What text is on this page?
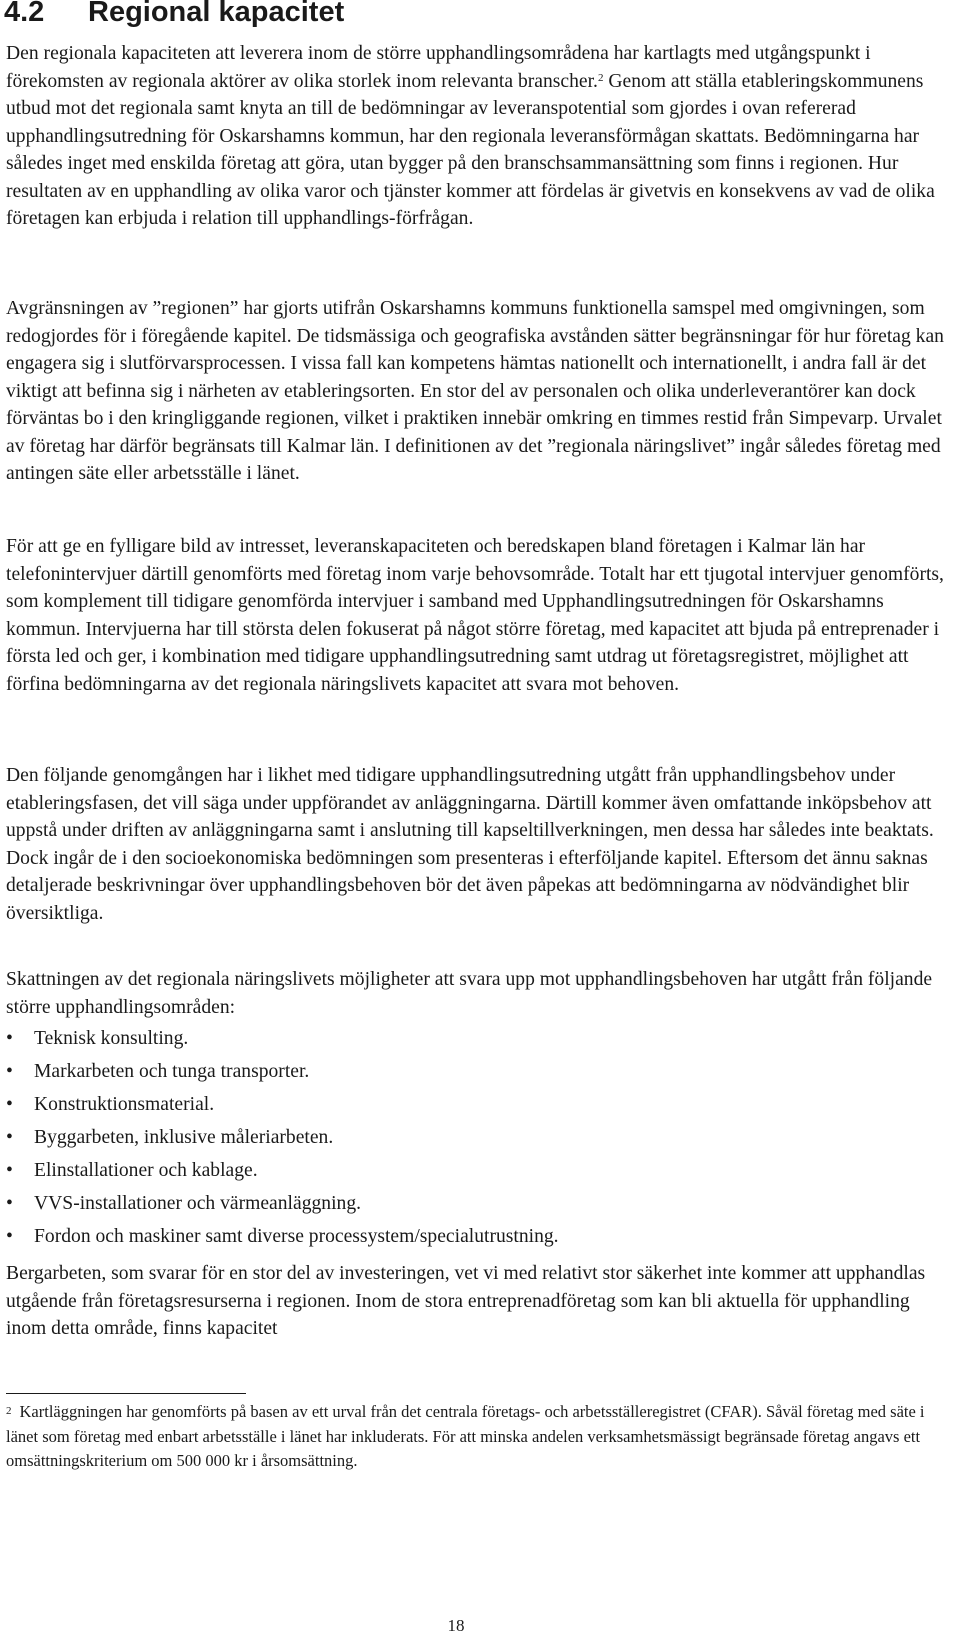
4.2 Regional kapacitet

Den regionala kapaciteten att leverera inom de större upphandlingsområdena har kartlagts med utgångspunkt i förekomsten av regionala aktörer av olika storlek inom relevanta branscher.$^2$ Genom att ställa etableringskommunens utbud mot det regionala samt knyta an till de bedömningar av leveranspotential som gjordes i ovan refererad upphandlingsutredning för Oskarshamns kommun, har den regionala leveransförmågan skattats. Bedömningarna har således inget med enskilda företag att göra, utan bygger på den branschsammansättning som finns i regionen. Hur resultaten av en upphandling av olika varor och tjänster kommer att fördelas är givetvis en konsekvens av vad de olika företagen kan erbjuda i relation till upphandlings-förfrågan.

Avgränsningen av ”regionen” har gjorts utifrån Oskarshamns kommuns funktionella samspel med omgivningen, som redogjordes för i föregående kapitel. De tidsmässiga och geografiska avstånden sätter begränsningar för hur företag kan engagera sig i slutförvarsprocessen. I vissa fall kan kompetens hämtas nationellt och internationellt, i andra fall är det viktigt att befinna sig i närheten av etableringsorten. En stor del av personalen och olika underleverantörer kan dock förväntas bo i den kringliggande regionen, vilket i praktiken innebär omkring en timmes restid från Simpevarp. Urvalet av företag har därför begränsats till Kalmar län. I definitionen av det ”regionala näringslivet” ingår således företag med antingen säte eller arbetsställe i länet.

För att ge en fylligare bild av intresset, leveranskapaciteten och beredskapen bland företagen i Kalmar län har telefonintervjuer därtill genomförts med företag inom varje behovsområde. Totalt har ett tjugotal intervjuer genomförts, som komplement till tidigare genomförda intervjuer i samband med Upphandlingsutredningen för Oskarshamns kommun. Intervjuerna har till största delen fokuserat på något större företag, med kapacitet att bjuda på entreprenader i första led och ger, i kombination med tidigare upphandlingsutredning samt utdrag ut företagsregistret, möjlighet att förfina bedömningarna av det regionala näringslivets kapacitet att svara mot behoven.

Den följande genomgången har i likhet med tidigare upphandlingsutredning utgått från upphandlingsbehov under etableringsfasen, det vill säga under uppförandet av anläggningarna. Därtill kommer även omfattande inköpsbehov att uppstå under driften av anläggningarna samt i anslutning till kapseltillverkningen, men dessa har således inte beaktats. Dock ingår de i den socioekonomiska bedömningen som presenteras i efterföljande kapitel. Eftersom det ännu saknas detaljerade beskrivningar över upphandlingsbehoven bör det även påpekas att bedömningarna av nödvändighet blir översiktliga.

Skattningen av det regionala näringslivets möjligheter att svara upp mot upphandlingsbehoven har utgått från följande större upphandlingsområden:

•	Teknisk konsulting.
•	Markarbeten och tunga transporter.
•	Konstruktionsmaterial.
•	Byggarbeten, inklusive måleriarbeten.
•	Elinstallationer och kablage.
•	VVS-installationer och värmeanläggning.
•	Fordon och maskiner samt diverse processystem/specialutrustning.

Bergarbeten, som svarar för en stor del av investeringen, vet vi med relativt stor säkerhet inte kommer att upphandlas utgående från företagsresurserna i regionen. Inom de stora entreprenadföretag som kan bli aktuella för upphandling inom detta område, finns kapacitet

$^2$ Kartläggningen har genomförts på basen av ett urval från det centrala företags- och arbetsställeregistret (CFAR). Såväl företag med säte i länet som företag med enbart arbetsställe i länet har inkluderats. För att minska andelen verksamhetsmässigt begränsade företag angavs ett omsättningskriterium om 500 000 kr i årsomsättning.

18
